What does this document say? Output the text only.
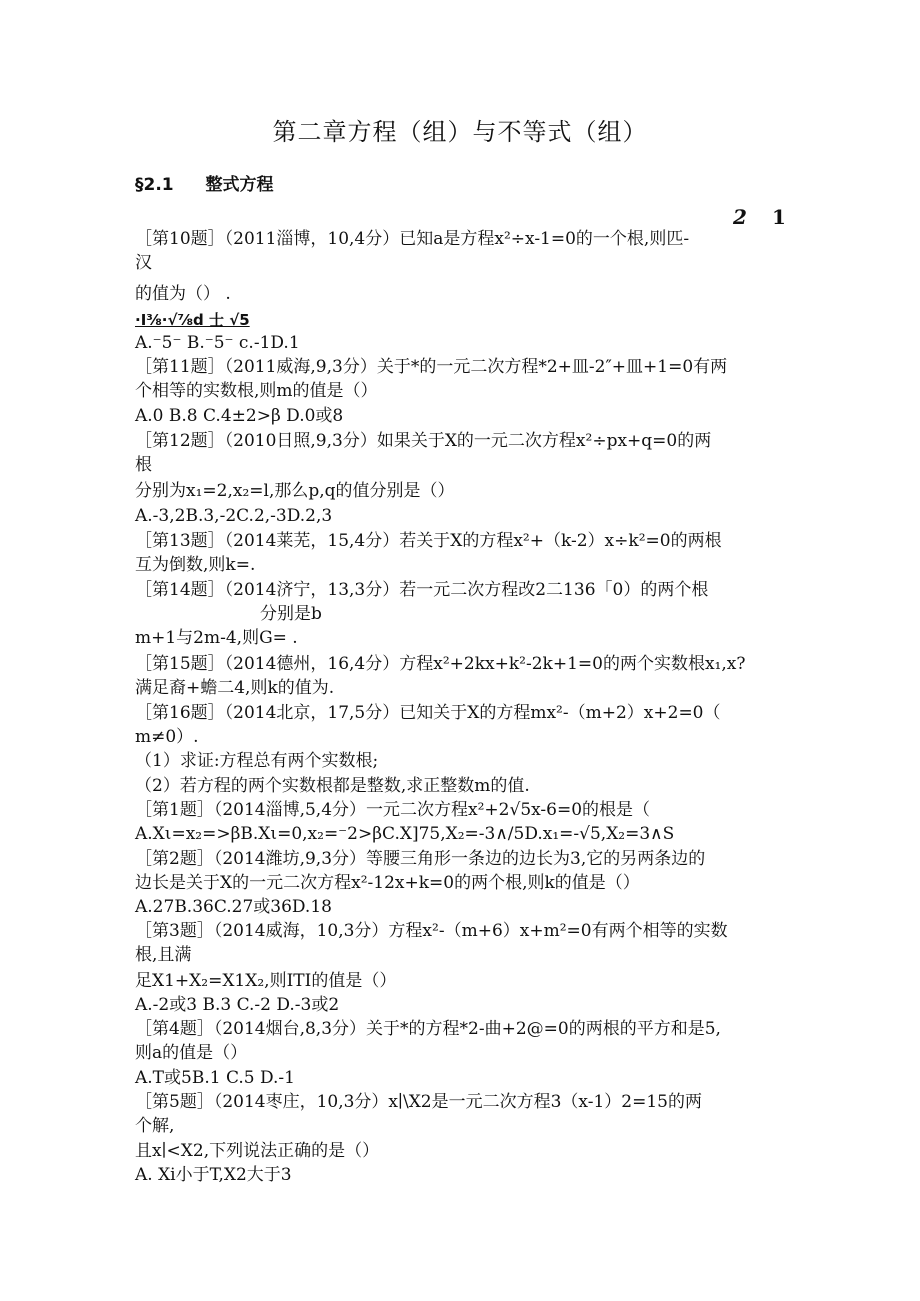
第二章方程（组）与不等式（组）
§2.1 整式方程
2 1
［第10题］（2011淄博，10,4分）已知a是方程x²÷x-1=0的一个根,则匹-
汉
的值为（） .
·I⅜·√⅞d 士 √5
A.⁻5⁻ B.⁻5⁻ c.-1D.1
［第11题］（2011威海,9,3分）关于*的一元二次方程*2+皿-2″+皿+1=0有两
个相等的实数根,则m的值是（）
A.0 B.8 C.4±2>β D.0或8
［第12题］（2010日照,9,3分）如果关于X的一元二次方程x²÷px+q=0的两
根
分别为x₁=2,x₂=l,那么p,q的值分别是（）
A.-3,2B.3,-2C.2,-3D.2,3
［第13题］（2014莱芜，15,4分）若关于X的方程x²+（k-2）x÷k²=0的两根
互为倒数,则k=.
［第14题］（2014济宁，13,3分）若一元二次方程改2二136「0）的两个根
分别是b
m+1与2m-4,则G= .
［第15题］（2014德州，16,4分）方程x²+2kx+k²-2k+1=0的两个实数根x₁,x?
满足裔+蟾二4,则k的值为.
［第16题］（2014北京，17,5分）已知关于X的方程mx²-（m+2）x+2=0（
m≠0）.
（1）求证:方程总有两个实数根;
（2）若方程的两个实数根都是整数,求正整数m的值.
［第1题］（2014淄博,5,4分）一元二次方程x²+2√5x-6=0的根是（
A.Xι=x₂=>βB.Xι=0,x₂=⁻2>βC.X]75,X₂=-3∧/5D.x₁=-√5,X₂=3∧S
［第2题］（2014潍坊,9,3分）等腰三角形一条边的边长为3,它的另两条边的
边长是关于X的一元二次方程x²-12x+k=0的两个根,则k的值是（）
A.27B.36C.27或36D.18
［第3题］（2014威海，10,3分）方程x²-（m+6）x+m²=0有两个相等的实数
根,且满
足X1+X₂=X1X₂,则ITI的值是（）
A.-2或3 B.3 C.-2 D.-3或2
［第4题］（2014烟台,8,3分）关于*的方程*2-曲+2@=0的两根的平方和是5,
则a的值是（）
A.T或5B.1 C.5 D.-1
［第5题］（2014枣庄，10,3分）x∣\X2是一元二次方程3（x-1）2=15的两
个解,
且x∣<X2,下列说法正确的是（）
A. Xi小于T,X2大于3
